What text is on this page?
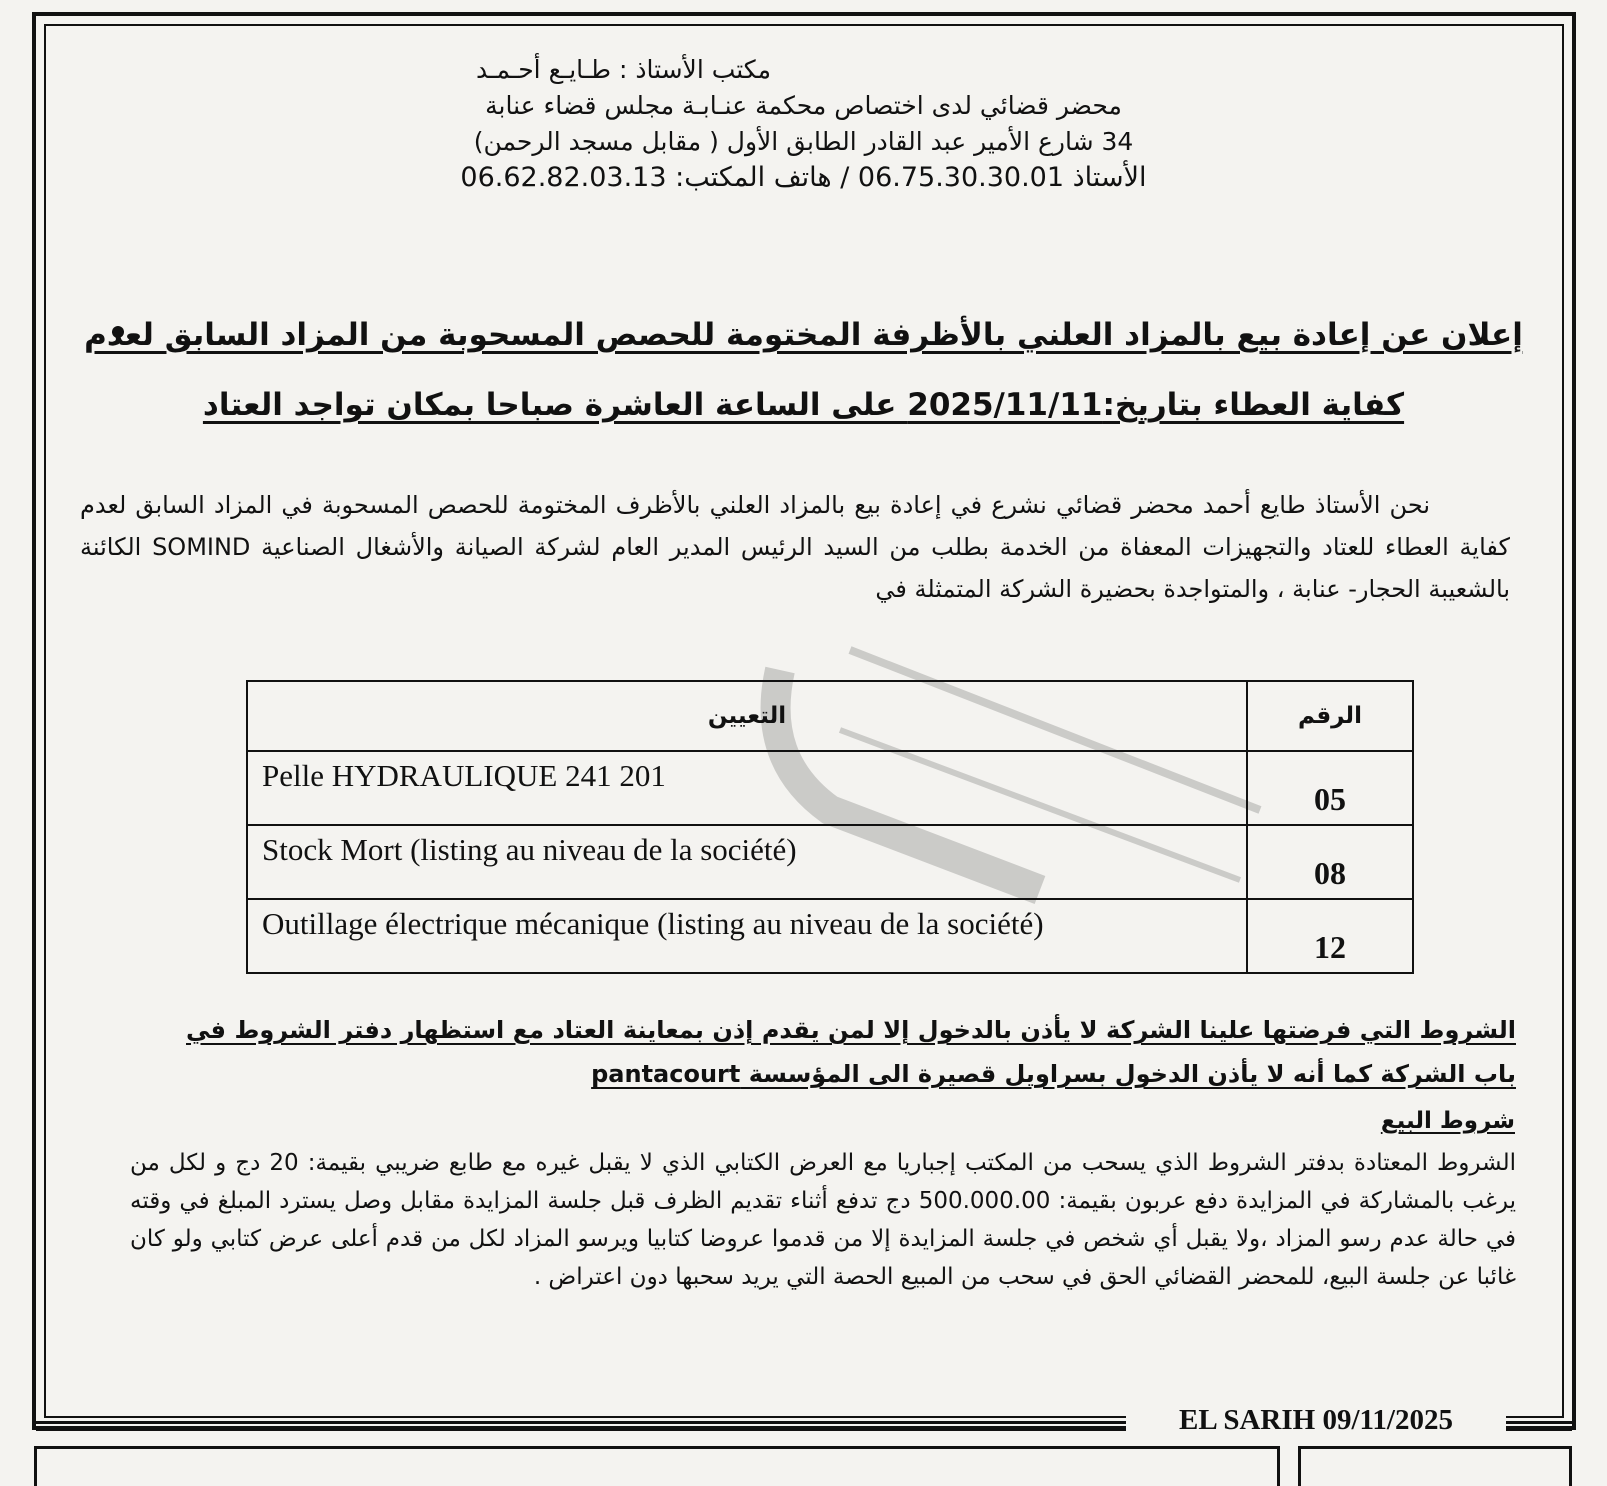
مكتب الأستاذ : طـايـع أحـمـد
محضر قضائي لدى اختصاص محكمة عنـابـة مجلس قضاء عنابة
34 شارع الأمير عبد القادر الطابق الأول ( مقابل مسجد الرحمن)
الأستاذ 06.75.30.30.01 / هاتف المكتب: 06.62.82.03.13
إعلان عن إعادة بيع بالمزاد العلني بالأظرفة المختومة للحصص المسحوبة من المزاد السابق لعدم
كفاية العطاء بتاريخ:2025/11/11 على الساعة العاشرة صباحا بمكان تواجد العتاد

نحن الأستاذ طايع أحمد محضر قضائي نشرع في إعادة بيع بالمزاد العلني بالأظرف المختومة للحصص المسحوبة في المزاد السابق لعدم كفاية العطاء للعتاد والتجهيزات المعفاة من الخدمة بطلب من السيد الرئيس المدير العام لشركة الصيانة والأشغال الصناعية SOMIND الكائنة بالشعيبة الحجار- عنابة ، والمتواجدة بحضيرة الشركة المتمثلة في

الرقم	التعيين
05	Pelle HYDRAULIQUE 241 201
08	Stock Mort (listing au niveau de la société)
12	Outillage électrique mécanique (listing au niveau de la société)

الشروط التي فرضتها علينا الشركة لا يأذن بالدخول إلا لمن يقدم إذن بمعاينة العتاد مع استظهار دفتر الشروط في باب الشركة كما أنه لا يأذن الدخول بسراويل قصيرة الى المؤسسة pantacourt

شروط البيع

الشروط المعتادة بدفتر الشروط الذي يسحب من المكتب إجباريا مع العرض الكتابي الذي لا يقبل غيره مع طابع ضريبي بقيمة: 20 دج و لكل من يرغب بالمشاركة في المزايدة دفع عربون بقيمة: 500.000.00 دج تدفع أثناء تقديم الظرف قبل جلسة المزايدة مقابل وصل يسترد المبلغ في وقته في حالة عدم رسو المزاد ،ولا يقبل أي شخص في جلسة المزايدة إلا من قدموا عروضا كتابيا ويرسو المزاد لكل من قدم أعلى عرض كتابي ولو كان غائبا عن جلسة البيع، للمحضر القضائي الحق في سحب من المبيع الحصة التي يريد سحبها دون اعتراض .

EL SARIH 09/11/2025
